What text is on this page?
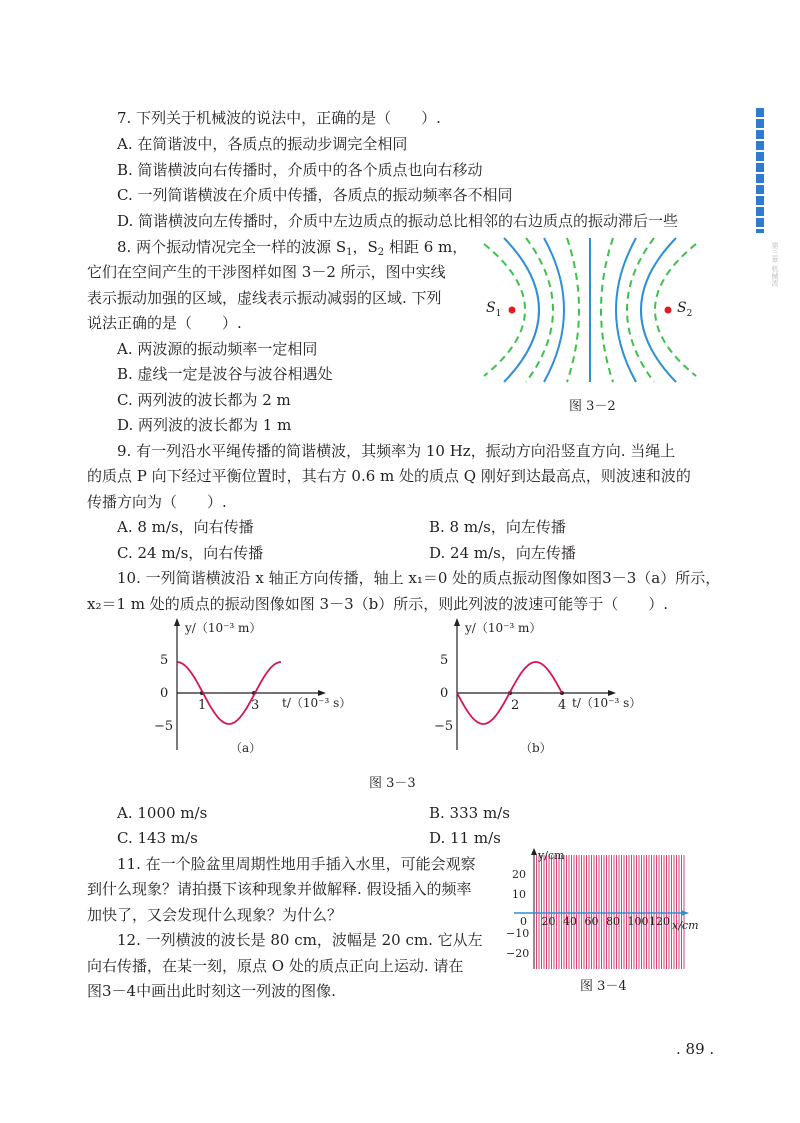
第三章 机械波
7. 下列关于机械波的说法中，正确的是（　　）.
A. 在简谐波中，各质点的振动步调完全相同
B. 简谐横波向右传播时，介质中的各个质点也向右移动
C. 一列简谐横波在介质中传播，各质点的振动频率各不相同
D. 简谐横波向左传播时，介质中左边质点的振动总比相邻的右边质点的振动滞后一些
8. 两个振动情况完全一样的波源 $S_1$，$S_2$ 相距 6 m，
它们在空间产生的干涉图样如图 3－2 所示，图中实线
表示振动加强的区域，虚线表示振动减弱的区域. 下列
说法正确的是（　　）.
A. 两波源的振动频率一定相同
B. 虚线一定是波谷与波谷相遇处
C. 两列波的波长都为 2 m
D. 两列波的波长都为 1 m
$S_1$	$S_2$
图 3－2
9. 有一列沿水平绳传播的简谐横波，其频率为 10 Hz，振动方向沿竖直方向. 当绳上
的质点 P 向下经过平衡位置时，其右方 0.6 m 处的质点 Q 刚好到达最高点，则波速和波的
传播方向为（　　）.
A. 8 m/s，向右传播	B. 8 m/s，向左传播
C. 24 m/s，向右传播	D. 24 m/s，向左传播
10. 一列简谐横波沿 x 轴正方向传播，轴上 x₁＝0 处的质点振动图像如图3－3（a）所示，
x₂＝1 m 处的质点的振动图像如图 3－3（b）所示，则此列波的波速可能等于（　　）.
y/（10⁻³ m）
t/（10⁻³ s）
5
0
−5
1	3
（a）
y/（10⁻³ m）
t/（10⁻³ s）
5
0
−5
2	4
（b）
图 3－3
A. 1000 m/s	B. 333 m/s
C. 143 m/s	D. 11 m/s
11. 在一个脸盆里周期性地用手插入水里，可能会观察
到什么现象？请拍摄下该种现象并做解释. 假设插入的频率
加快了，又会发现什么现象？为什么？
12. 一列横波的波长是 80 cm，波幅是 20 cm. 它从左
向右传播，在某一刻，原点 O 处的质点正向上运动. 请在
图3－4中画出此时刻这一列波的图像.
y/cm
x/cm
0 20 40 60 80 100 120
20
10
−10
−20
图 3－4
. 89 .
